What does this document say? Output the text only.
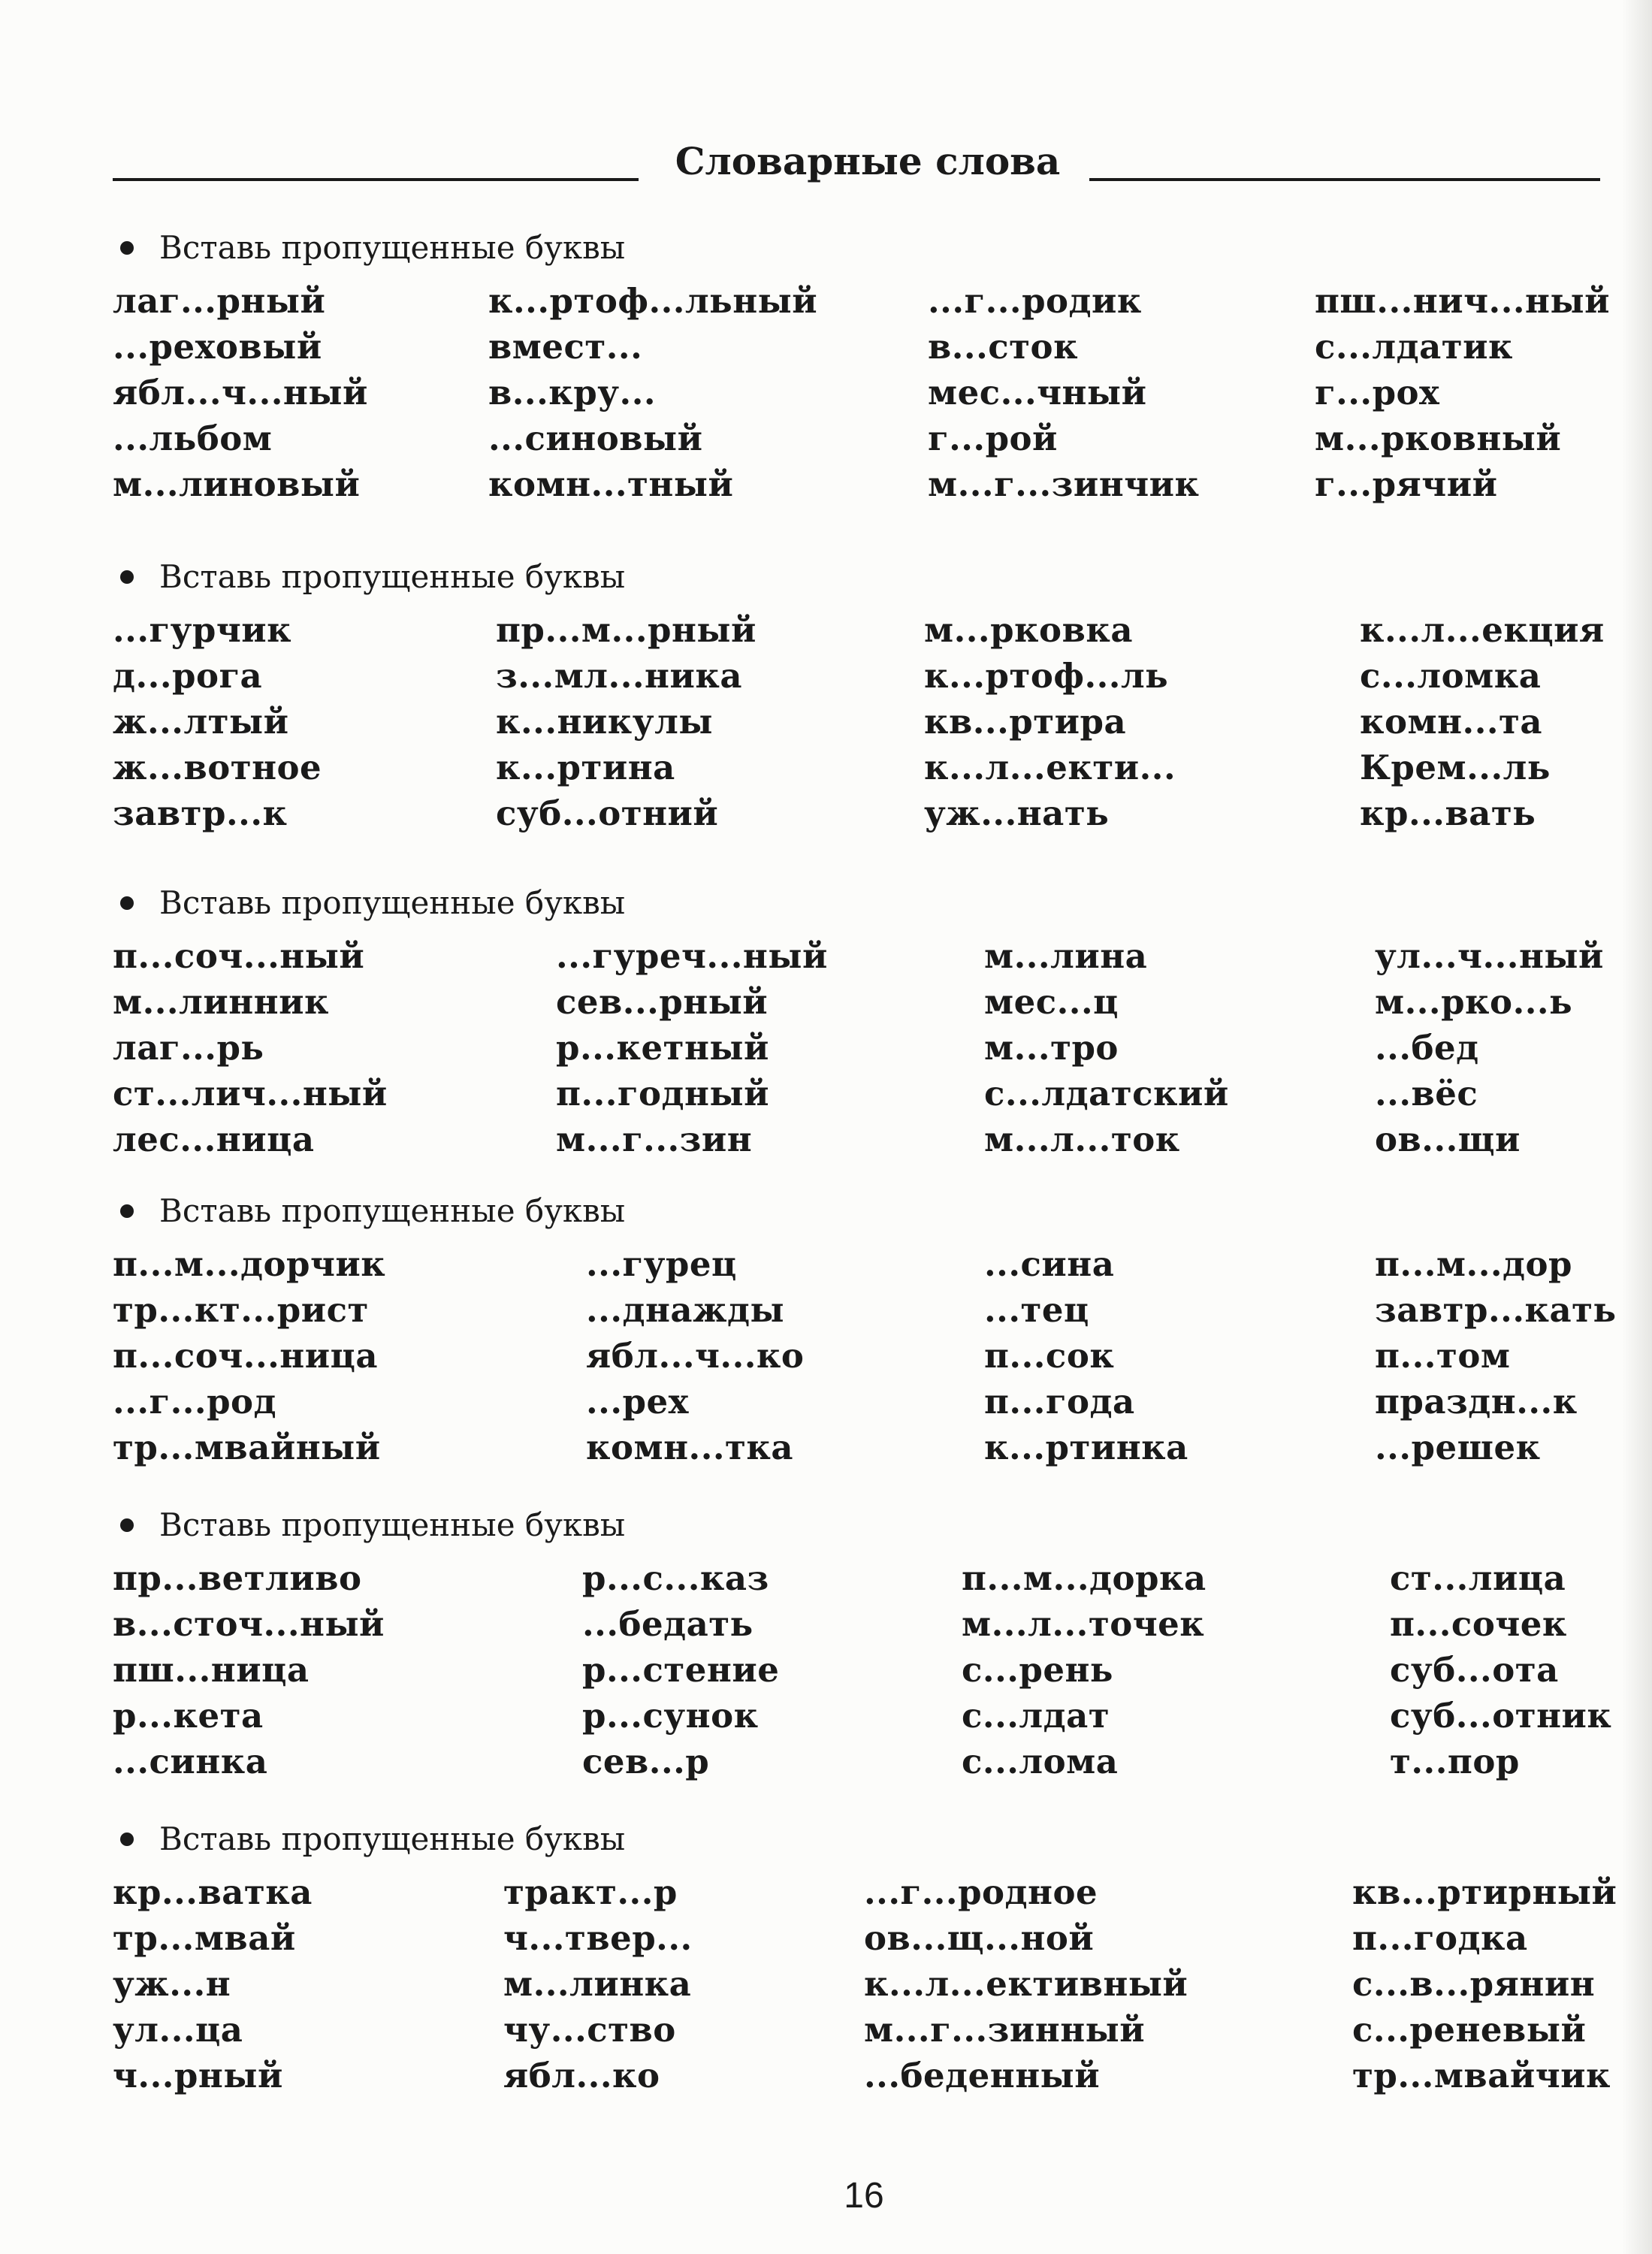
Словарные слова
Вставь пропущенные буквы
лаг...рный
...реховый
ябл...ч...ный
...льбом
м...линовый
к...ртоф...льный
вмест...
в...кру...
...синовый
комн...тный
...г...родик
в...сток
мес...чный
г...рой
м...г...зинчик
пш...нич...ный
с...лдатик
г...рох
м...рковный
г...рячий
Вставь пропущенные буквы
...гурчик
д...рога
ж...лтый
ж...вотное
завтр...к
пр...м...рный
з...мл...ника
к...никулы
к...ртина
суб...отний
м...рковка
к...ртоф...ль
кв...ртира
к...л...екти...
уж...нать
к...л...екция
с...ломка
комн...та
Крем...ль
кр...вать
Вставь пропущенные буквы
п...соч...ный
м...линник
лаг...рь
ст...лич...ный
лес...ница
...гуреч...ный
сев...рный
р...кетный
п...годный
м...г...зин
м...лина
мес...ц
м...тро
с...лдатский
м...л...ток
ул...ч...ный
м...рко...ь
...бед
...вёс
ов...щи
Вставь пропущенные буквы
п...м...дорчик
тр...кт...рист
п...соч...ница
...г...род
тр...мвайный
...гурец
...днажды
ябл...ч...ко
...рех
комн...тка
...сина
...тец
п...сок
п...года
к...ртинка
п...м...дор
завтр...кать
п...том
праздн...к
...решек
Вставь пропущенные буквы
пр...ветливо
в...сточ...ный
пш...ница
р...кета
...синка
р...с...каз
...бедать
р...стение
р...сунок
сев...р
п...м...дорка
м...л...точек
с...рень
с...лдат
с...лома
ст...лица
п...сочек
суб...ота
суб...отник
т...пор
Вставь пропущенные буквы
кр...ватка
тр...мвай
уж...н
ул...ца
ч...рный
тракт...р
ч...твер...
м...линка
чу...ство
ябл...ко
...г...родное
ов...щ...ной
к...л...ективный
м...г...зинный
...беденный
кв...ртирный
п...годка
с...в...рянин
с...реневый
тр...мвайчик
16
